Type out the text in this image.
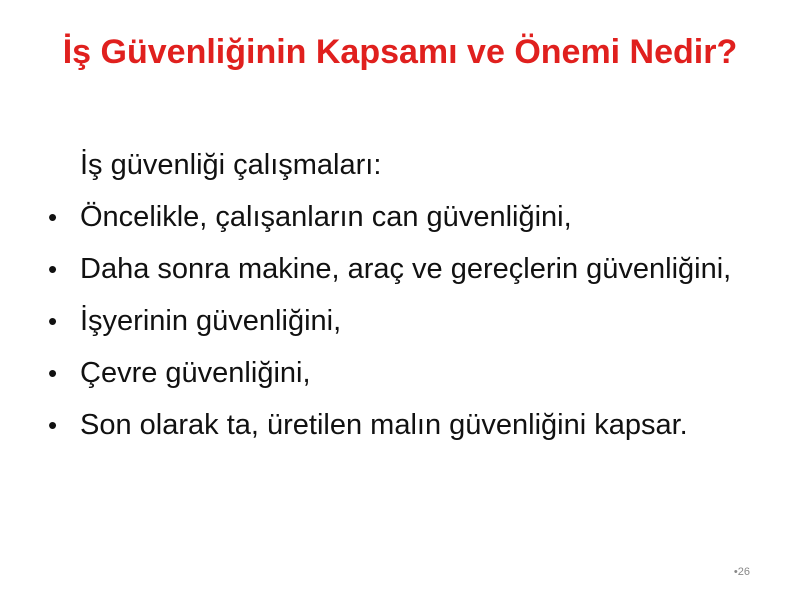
İş Güvenliğinin Kapsamı ve Önemi Nedir?
İş güvenliği çalışmaları:
• Öncelikle, çalışanların can güvenliğini,
• Daha sonra makine, araç ve gereçlerin güvenliğini,
• İşyerinin güvenliğini,
• Çevre güvenliğini,
• Son olarak ta, üretilen malın güvenliğini kapsar.
•26
